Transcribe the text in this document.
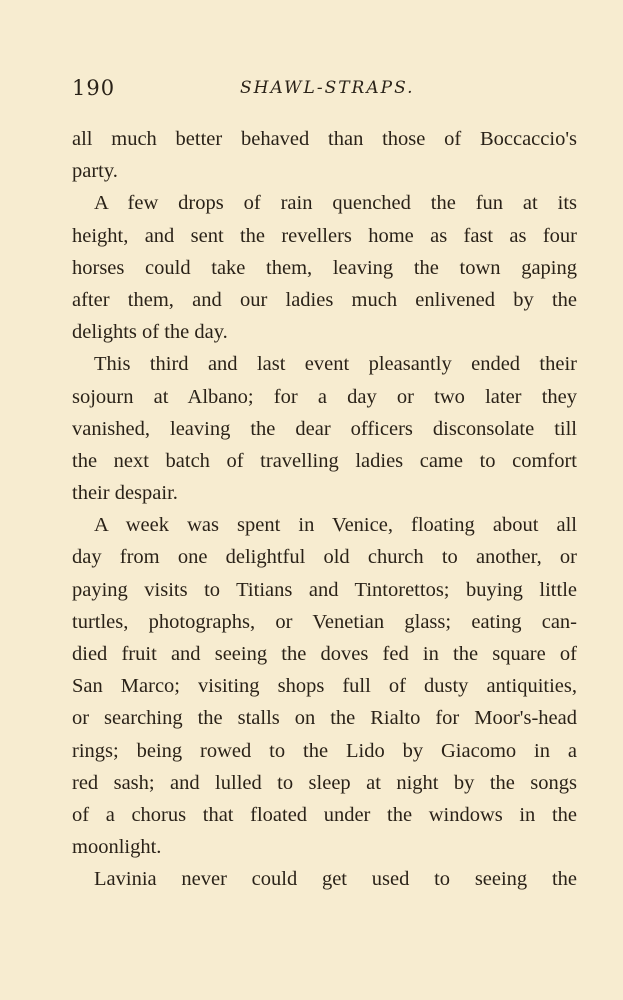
190	SHAWL-STRAPS.
all much better behaved than those of Boccaccio's
party.
A few drops of rain quenched the fun at its
height, and sent the revellers home as fast as four
horses could take them, leaving the town gaping
after them, and our ladies much enlivened by the
delights of the day.
This third and last event pleasantly ended their
sojourn at Albano; for a day or two later they
vanished, leaving the dear officers disconsolate till
the next batch of travelling ladies came to comfort
their despair.
A week was spent in Venice, floating about all
day from one delightful old church to another, or
paying visits to Titians and Tintorettos; buying little
turtles, photographs, or Venetian glass; eating can-
died fruit and seeing the doves fed in the square of
San Marco; visiting shops full of dusty antiquities,
or searching the stalls on the Rialto for Moor's-head
rings; being rowed to the Lido by Giacomo in a
red sash; and lulled to sleep at night by the songs
of a chorus that floated under the windows in the
moonlight.
Lavinia never could get used to seeing the
